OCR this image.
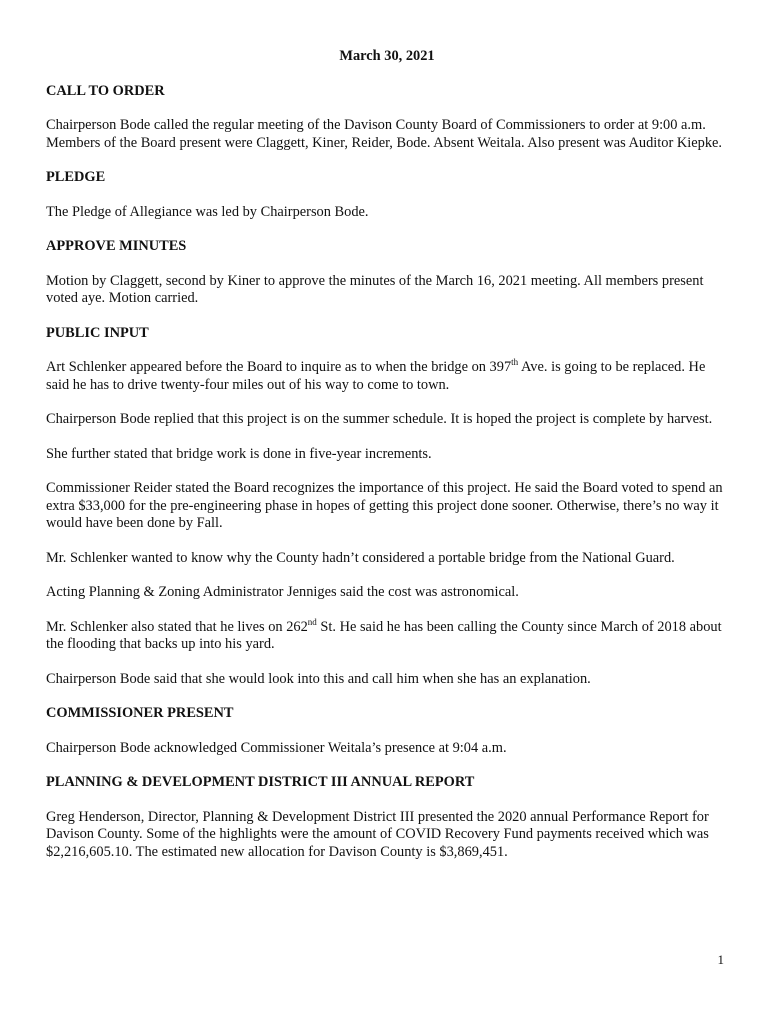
March 30, 2021
CALL TO ORDER

Chairperson Bode called the regular meeting of the Davison County Board of Commissioners to order at 9:00 a.m. Members of the Board present were Claggett, Kiner, Reider, Bode. Absent Weitala. Also present was Auditor Kiepke.

PLEDGE

The Pledge of Allegiance was led by Chairperson Bode.

APPROVE MINUTES

Motion by Claggett, second by Kiner to approve the minutes of the March 16, 2021 meeting. All members present voted aye. Motion carried.

PUBLIC INPUT

Art Schlenker appeared before the Board to inquire as to when the bridge on 397th Ave. is going to be replaced. He said he has to drive twenty-four miles out of his way to come to town.

Chairperson Bode replied that this project is on the summer schedule. It is hoped the project is complete by harvest.

She further stated that bridge work is done in five-year increments.

Commissioner Reider stated the Board recognizes the importance of this project. He said the Board voted to spend an extra $33,000 for the pre-engineering phase in hopes of getting this project done sooner. Otherwise, there’s no way it would have been done by Fall.

Mr. Schlenker wanted to know why the County hadn’t considered a portable bridge from the National Guard.

Acting Planning & Zoning Administrator Jenniges said the cost was astronomical.

Mr. Schlenker also stated that he lives on 262nd St. He said he has been calling the County since March of 2018 about the flooding that backs up into his yard.

Chairperson Bode said that she would look into this and call him when she has an explanation.

COMMISSIONER PRESENT

Chairperson Bode acknowledged Commissioner Weitala’s presence at 9:04 a.m.

PLANNING & DEVELOPMENT DISTRICT III ANNUAL REPORT

Greg Henderson, Director, Planning & Development District III presented the 2020 annual Performance Report for Davison County. Some of the highlights were the amount of COVID Recovery Fund payments received which was $2,216,605.10. The estimated new allocation for Davison County is $3,869,451.

1
